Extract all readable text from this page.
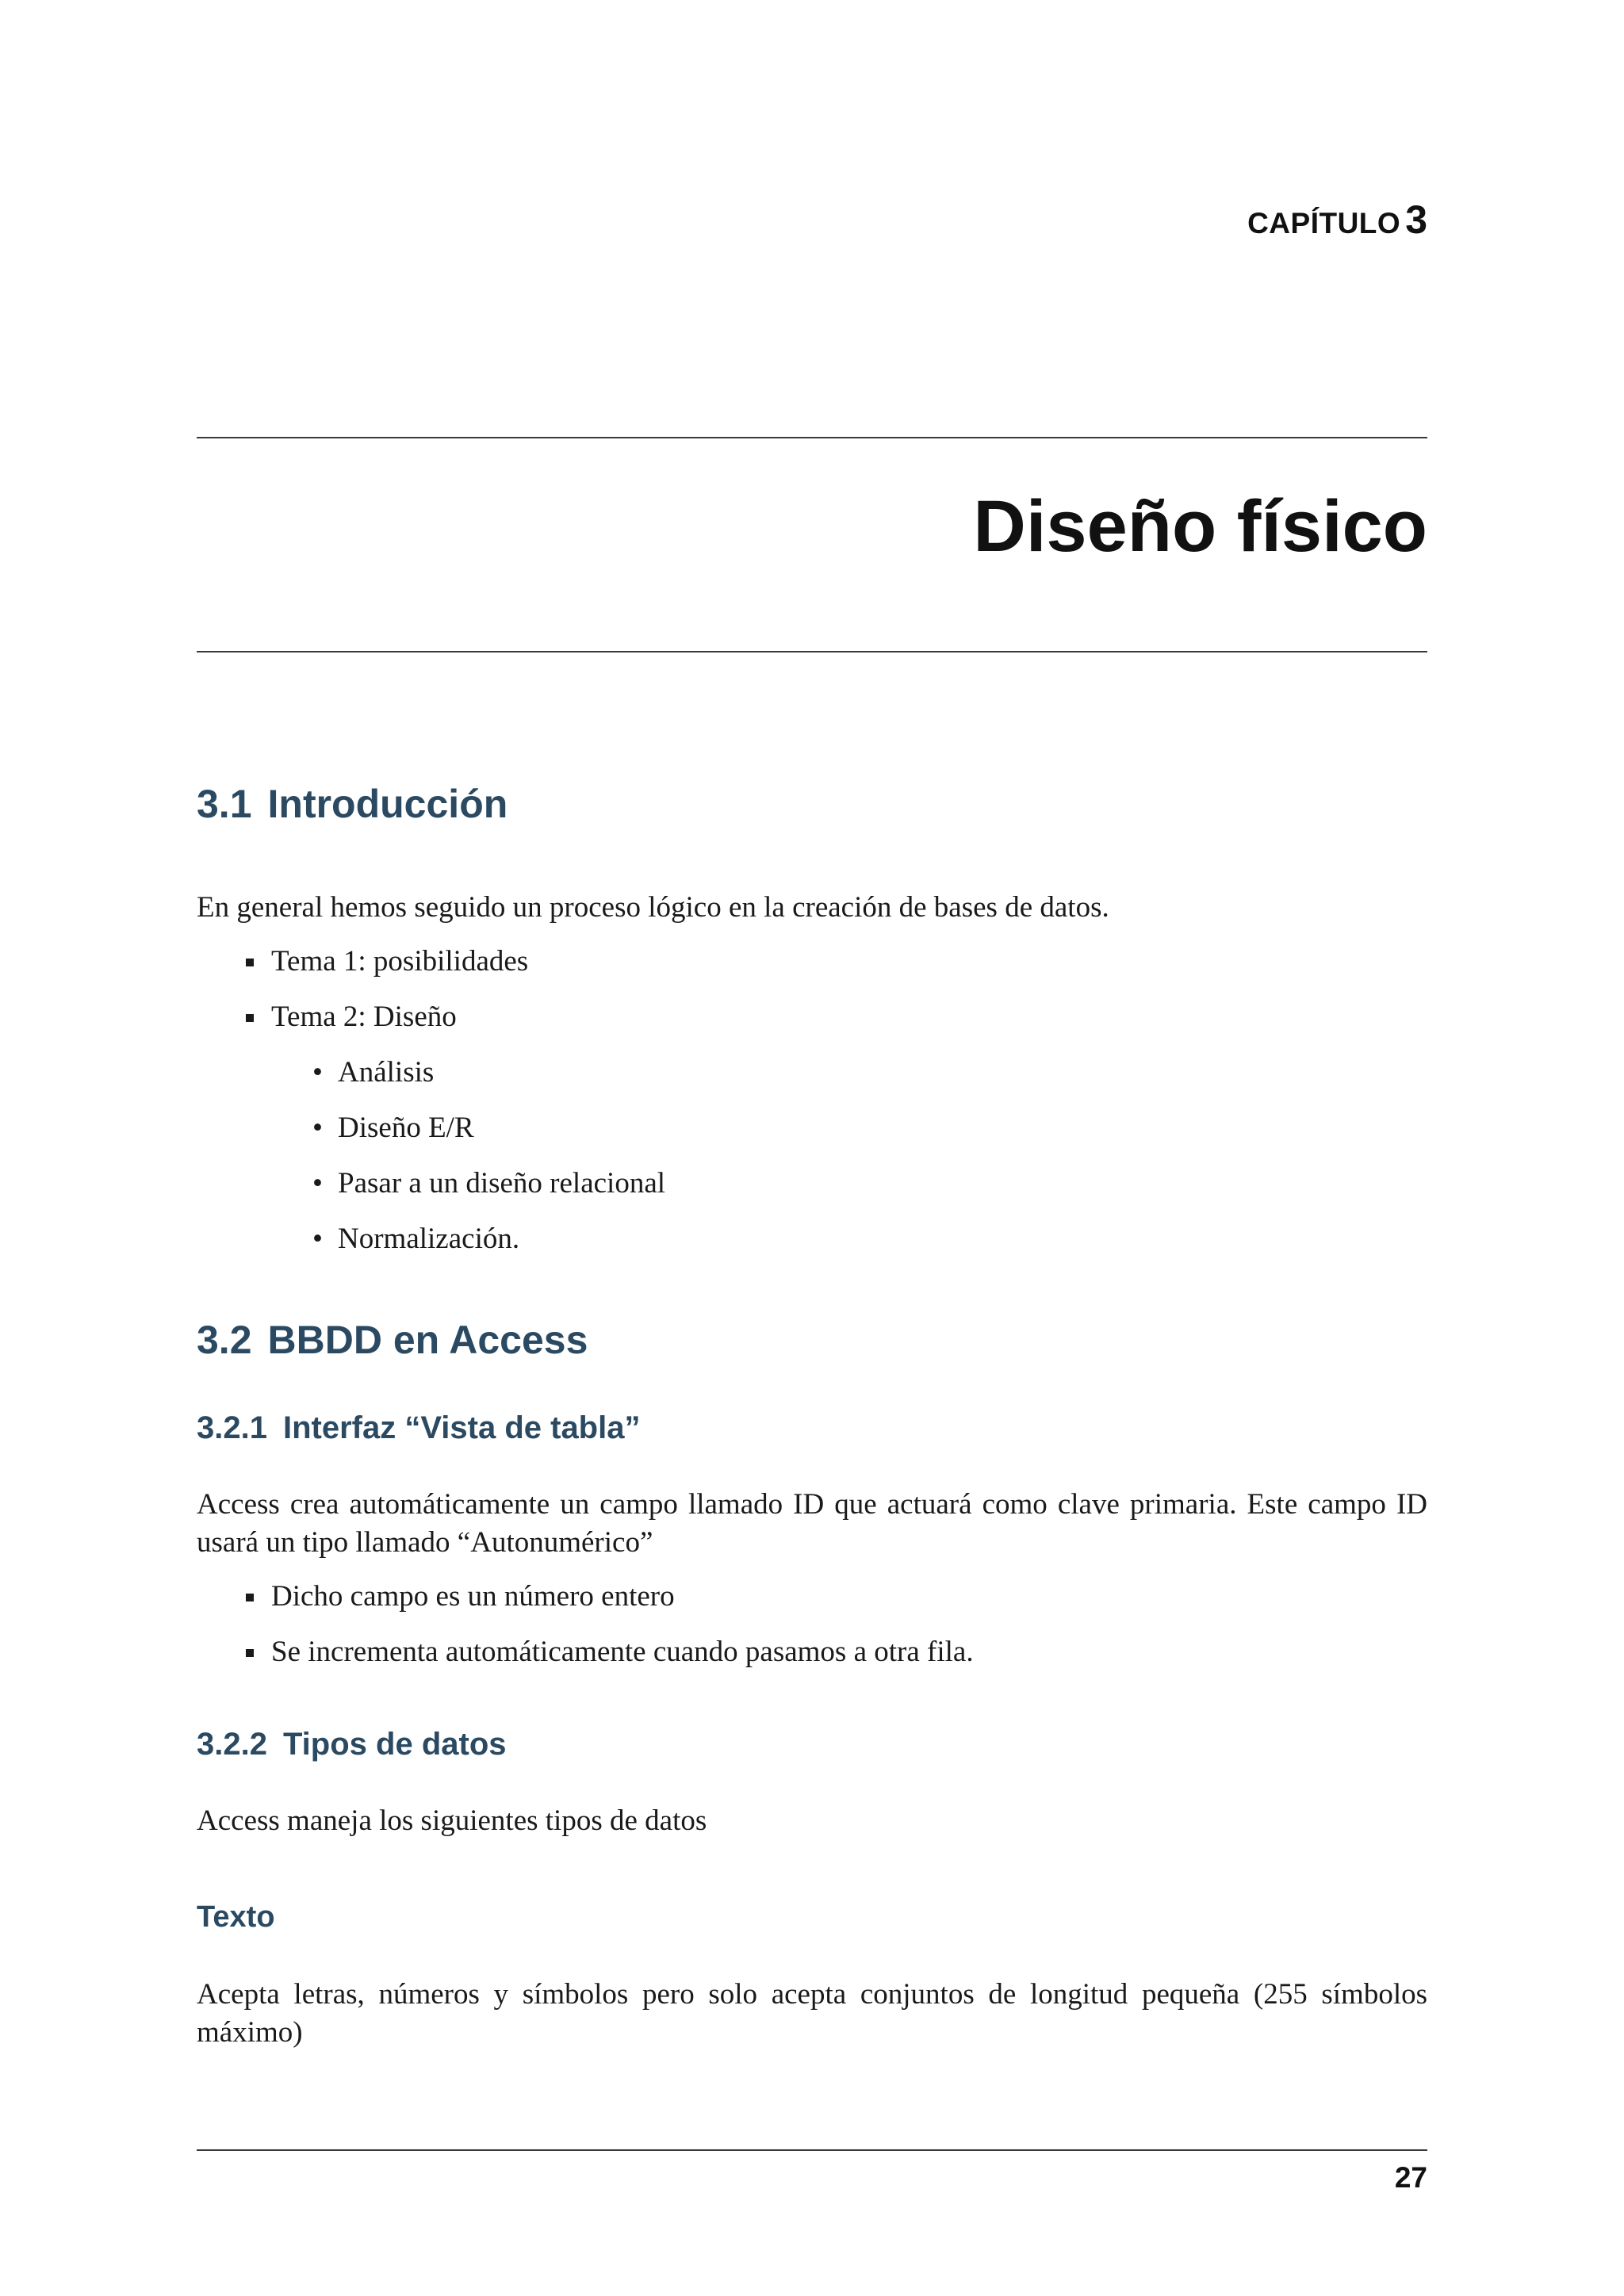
CAPÍTULO 3
Diseño físico
3.1 Introducción

En general hemos seguido un proceso lógico en la creación de bases de datos.

Tema 1: posibilidades
Tema 2: Diseño
• Análisis
• Diseño E/R
• Pasar a un diseño relacional
• Normalización.
3.2 BBDD en Access
3.2.1 Interfaz “Vista de tabla”

Access crea automáticamente un campo llamado ID que actuará como clave primaria. Este campo ID usará un tipo llamado “Autonumérico”

Dicho campo es un número entero
Se incrementa automáticamente cuando pasamos a otra fila.
3.2.2 Tipos de datos

Access maneja los siguientes tipos de datos

Texto

Acepta letras, números y símbolos pero solo acepta conjuntos de longitud pequeña (255 símbolos máximo)

27
